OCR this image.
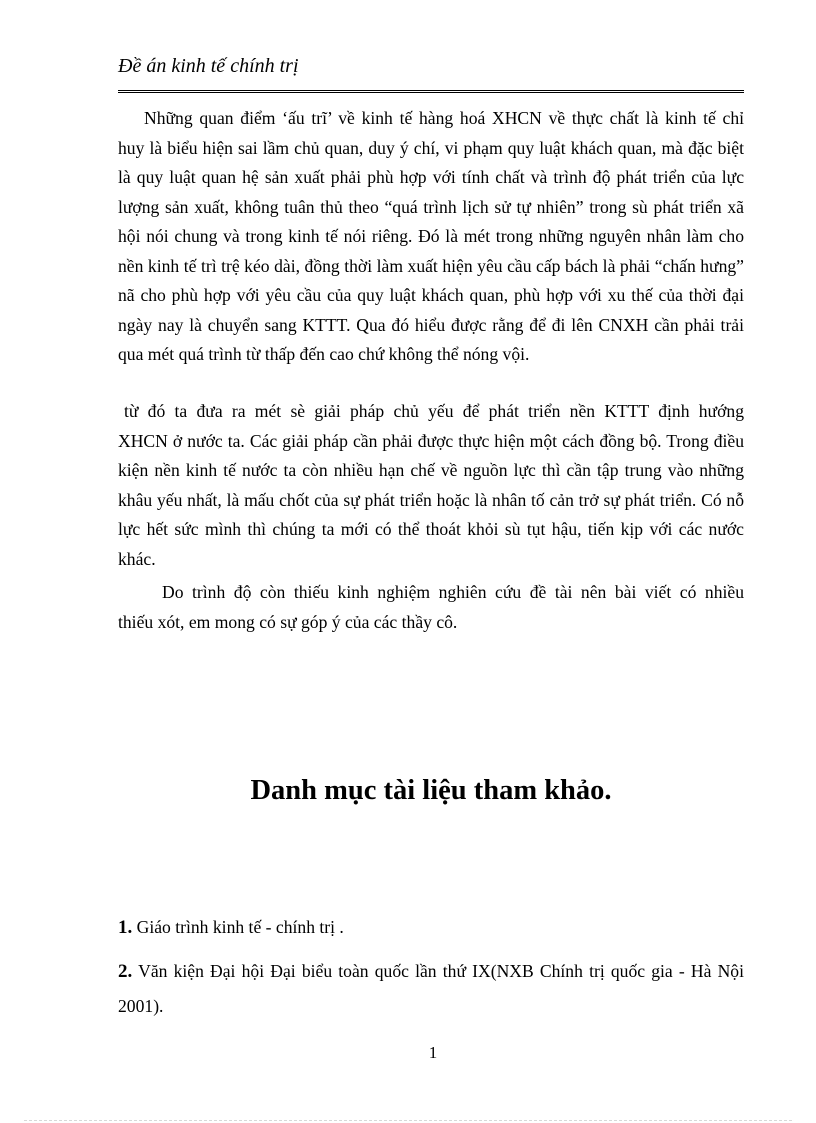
Đề án kinh tế chính trị
Những quan điểm ‘ấu trĩ’ về kinh tế hàng hoá XHCN về thực chất là kinh tế chỉ
huy là biểu hiện sai lầm chủ quan, duy ý chí, vi phạm quy luật khách quan, mà đặc biệt là quy luật quan hệ sản xuất phải phù hợp với tính chất và trình độ phát triển của lực lượng sản xuất, không tuân thủ theo “quá trình lịch sử tự nhiên” trong sù phát triển xã hội nói chung và trong kinh tế nói riêng. Đó là mét trong những nguyên nhân làm cho nền kinh tế trì trệ kéo dài, đồng thời làm xuất hiện yêu cầu cấp bách là phải “chấn hưng” nã cho phù hợp với yêu cầu của quy luật khách quan, phù hợp với xu thế của thời đại ngày nay là chuyển sang KTTT. Qua đó hiểu được rằng để đi lên CNXH cần phải trải qua mét quá trình từ thấp đến cao chứ không thể nóng vội.
từ đó ta đưa ra mét sè giải pháp chủ yếu để phát triển nền KTTT định hướng
XHCN ở nước ta. Các giải pháp cần phải được thực hiện một cách đồng bộ. Trong điều kiện nền kinh tế nước ta còn nhiều hạn chế về nguồn lực thì cần tập trung vào những khâu yếu nhất, là mấu chốt của sự phát triển hoặc là nhân tố cản trở sự phát triển. Có nỗ lực hết sức mình thì chúng ta mới có thể thoát khỏi sù tụt hậu, tiến kịp với các nước khác.
Do trình độ còn thiếu kinh nghiệm nghiên cứu đề tài nên bài viết có nhiều
thiếu xót, em mong có sự góp ý của các thầy cô.
Danh mục tài liệu tham khảo.
1. Giáo trình kinh tế - chính trị .
2. Văn kiện Đại hội Đại biểu toàn quốc lần thứ IX(NXB Chính trị quốc gia - Hà Nội 2001).
1
